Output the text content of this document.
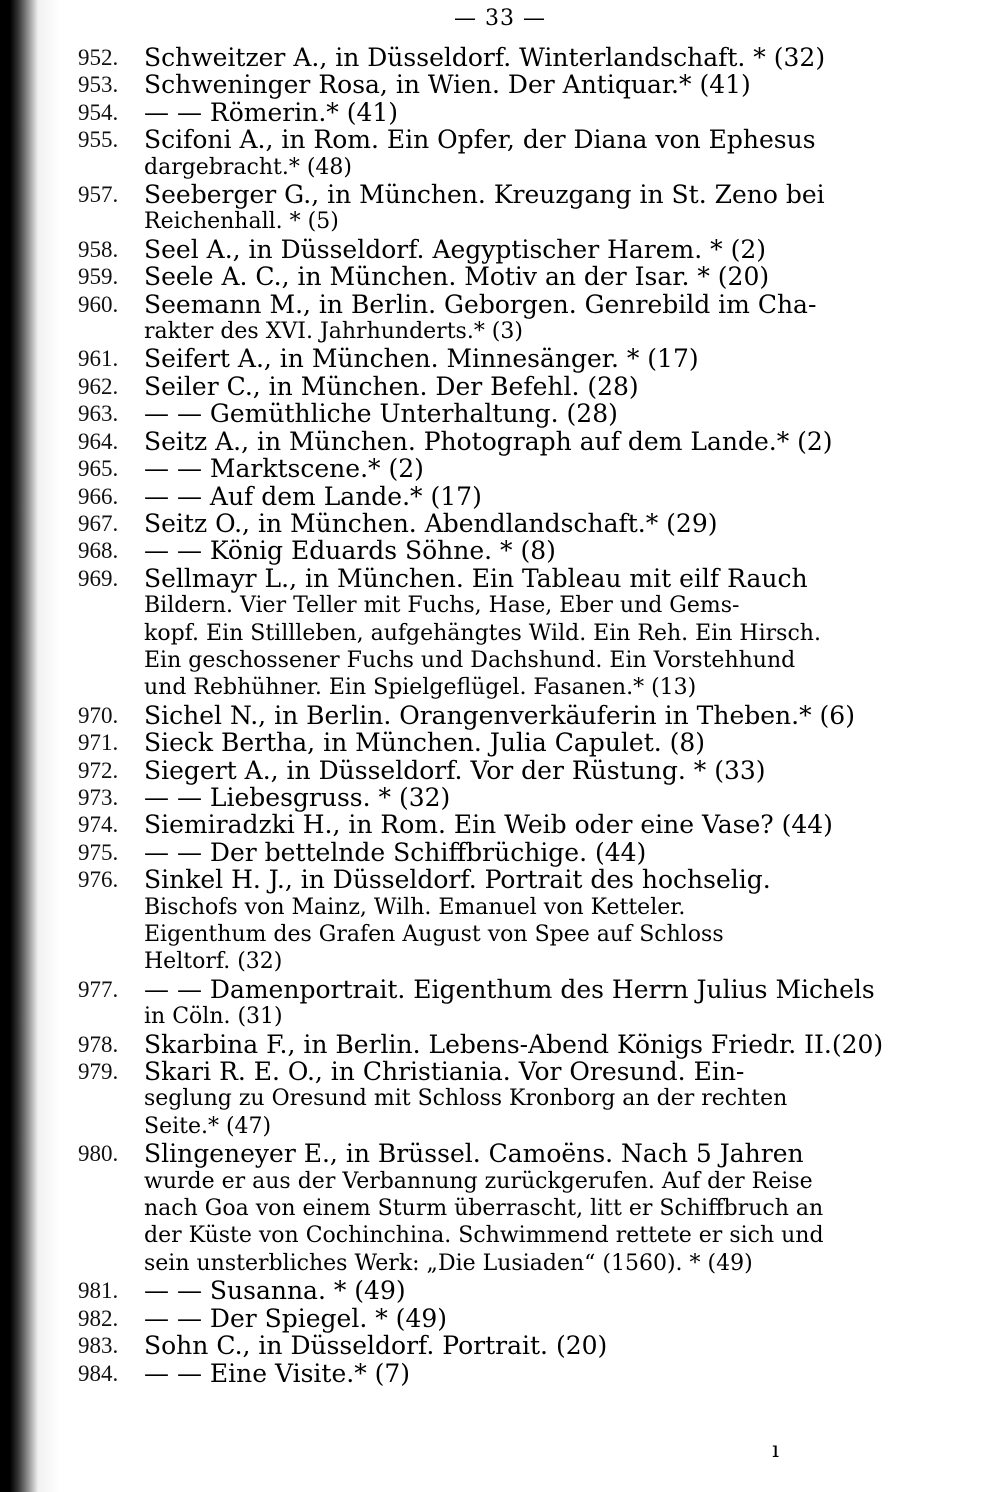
— 33 —
952.	Schweitzer A., in Düsseldorf. Winterlandschaft. * (32)
953.	Schweninger Rosa, in Wien. Der Antiquar.* (41)
954.	— — Römerin.* (41)
955.	Scifoni A., in Rom. Ein Opfer, der Diana von Ephesus
dargebracht.* (48)
957.	Seeberger G., in München. Kreuzgang in St. Zeno bei
Reichenhall. * (5)
958.	Seel A., in Düsseldorf. Aegyptischer Harem. * (2)
959.	Seele A. C., in München. Motiv an der Isar. * (20)
960.	Seemann M., in Berlin. Geborgen. Genrebild im Cha-
rakter des XVI. Jahrhunderts.* (3)
961.	Seifert A., in München. Minnesänger. * (17)
962.	Seiler C., in München. Der Befehl. (28)
963.	— — Gemüthliche Unterhaltung. (28)
964.	Seitz A., in München. Photograph auf dem Lande.* (2)
965.	— — Marktscene.* (2)
966.	— — Auf dem Lande.* (17)
967.	Seitz O., in München. Abendlandschaft.* (29)
968.	— — König Eduards Söhne. * (8)
969.	Sellmayr L., in München. Ein Tableau mit eilf Rauch
Bildern. Vier Teller mit Fuchs, Hase, Eber und Gems-
kopf. Ein Stillleben, aufgehängtes Wild. Ein Reh. Ein Hirsch.
Ein geschossener Fuchs und Dachshund. Ein Vorstehhund
und Rebhühner. Ein Spielgeflügel. Fasanen.* (13)
970.	Sichel N., in Berlin. Orangenverkäuferin in Theben.* (6)
971.	Sieck Bertha, in München. Julia Capulet. (8)
972.	Siegert A., in Düsseldorf. Vor der Rüstung. * (33)
973.	— — Liebesgruss. * (32)
974.	Siemiradzki H., in Rom. Ein Weib oder eine Vase? (44)
975.	— — Der bettelnde Schiffbrüchige. (44)
976.	Sinkel H. J., in Düsseldorf. Portrait des hochselig.
Bischofs von Mainz, Wilh. Emanuel von Ketteler.
Eigenthum des Grafen August von Spee auf Schloss
Heltorf. (32)
977.	— — Damenportrait. Eigenthum des Herrn Julius Michels
in Cöln. (31)
978.	Skarbina F., in Berlin. Lebens-Abend Königs Friedr. II.(20)
979.	Skari R. E. O., in Christiania. Vor Oresund. Ein-
seglung zu Oresund mit Schloss Kronborg an der rechten
Seite.* (47)
980.	Slingeneyer E., in Brüssel. Camoëns. Nach 5 Jahren
wurde er aus der Verbannung zurückgerufen. Auf der Reise
nach Goa von einem Sturm überrascht, litt er Schiffbruch an
der Küste von Cochinchina. Schwimmend rettete er sich und
sein unsterbliches Werk: „Die Lusiaden“ (1560). * (49)
981.	— — Susanna. * (49)
982.	— — Der Spiegel. * (49)
983.	Sohn C., in Düsseldorf. Portrait. (20)
984.	— — Eine Visite.* (7)
ı
